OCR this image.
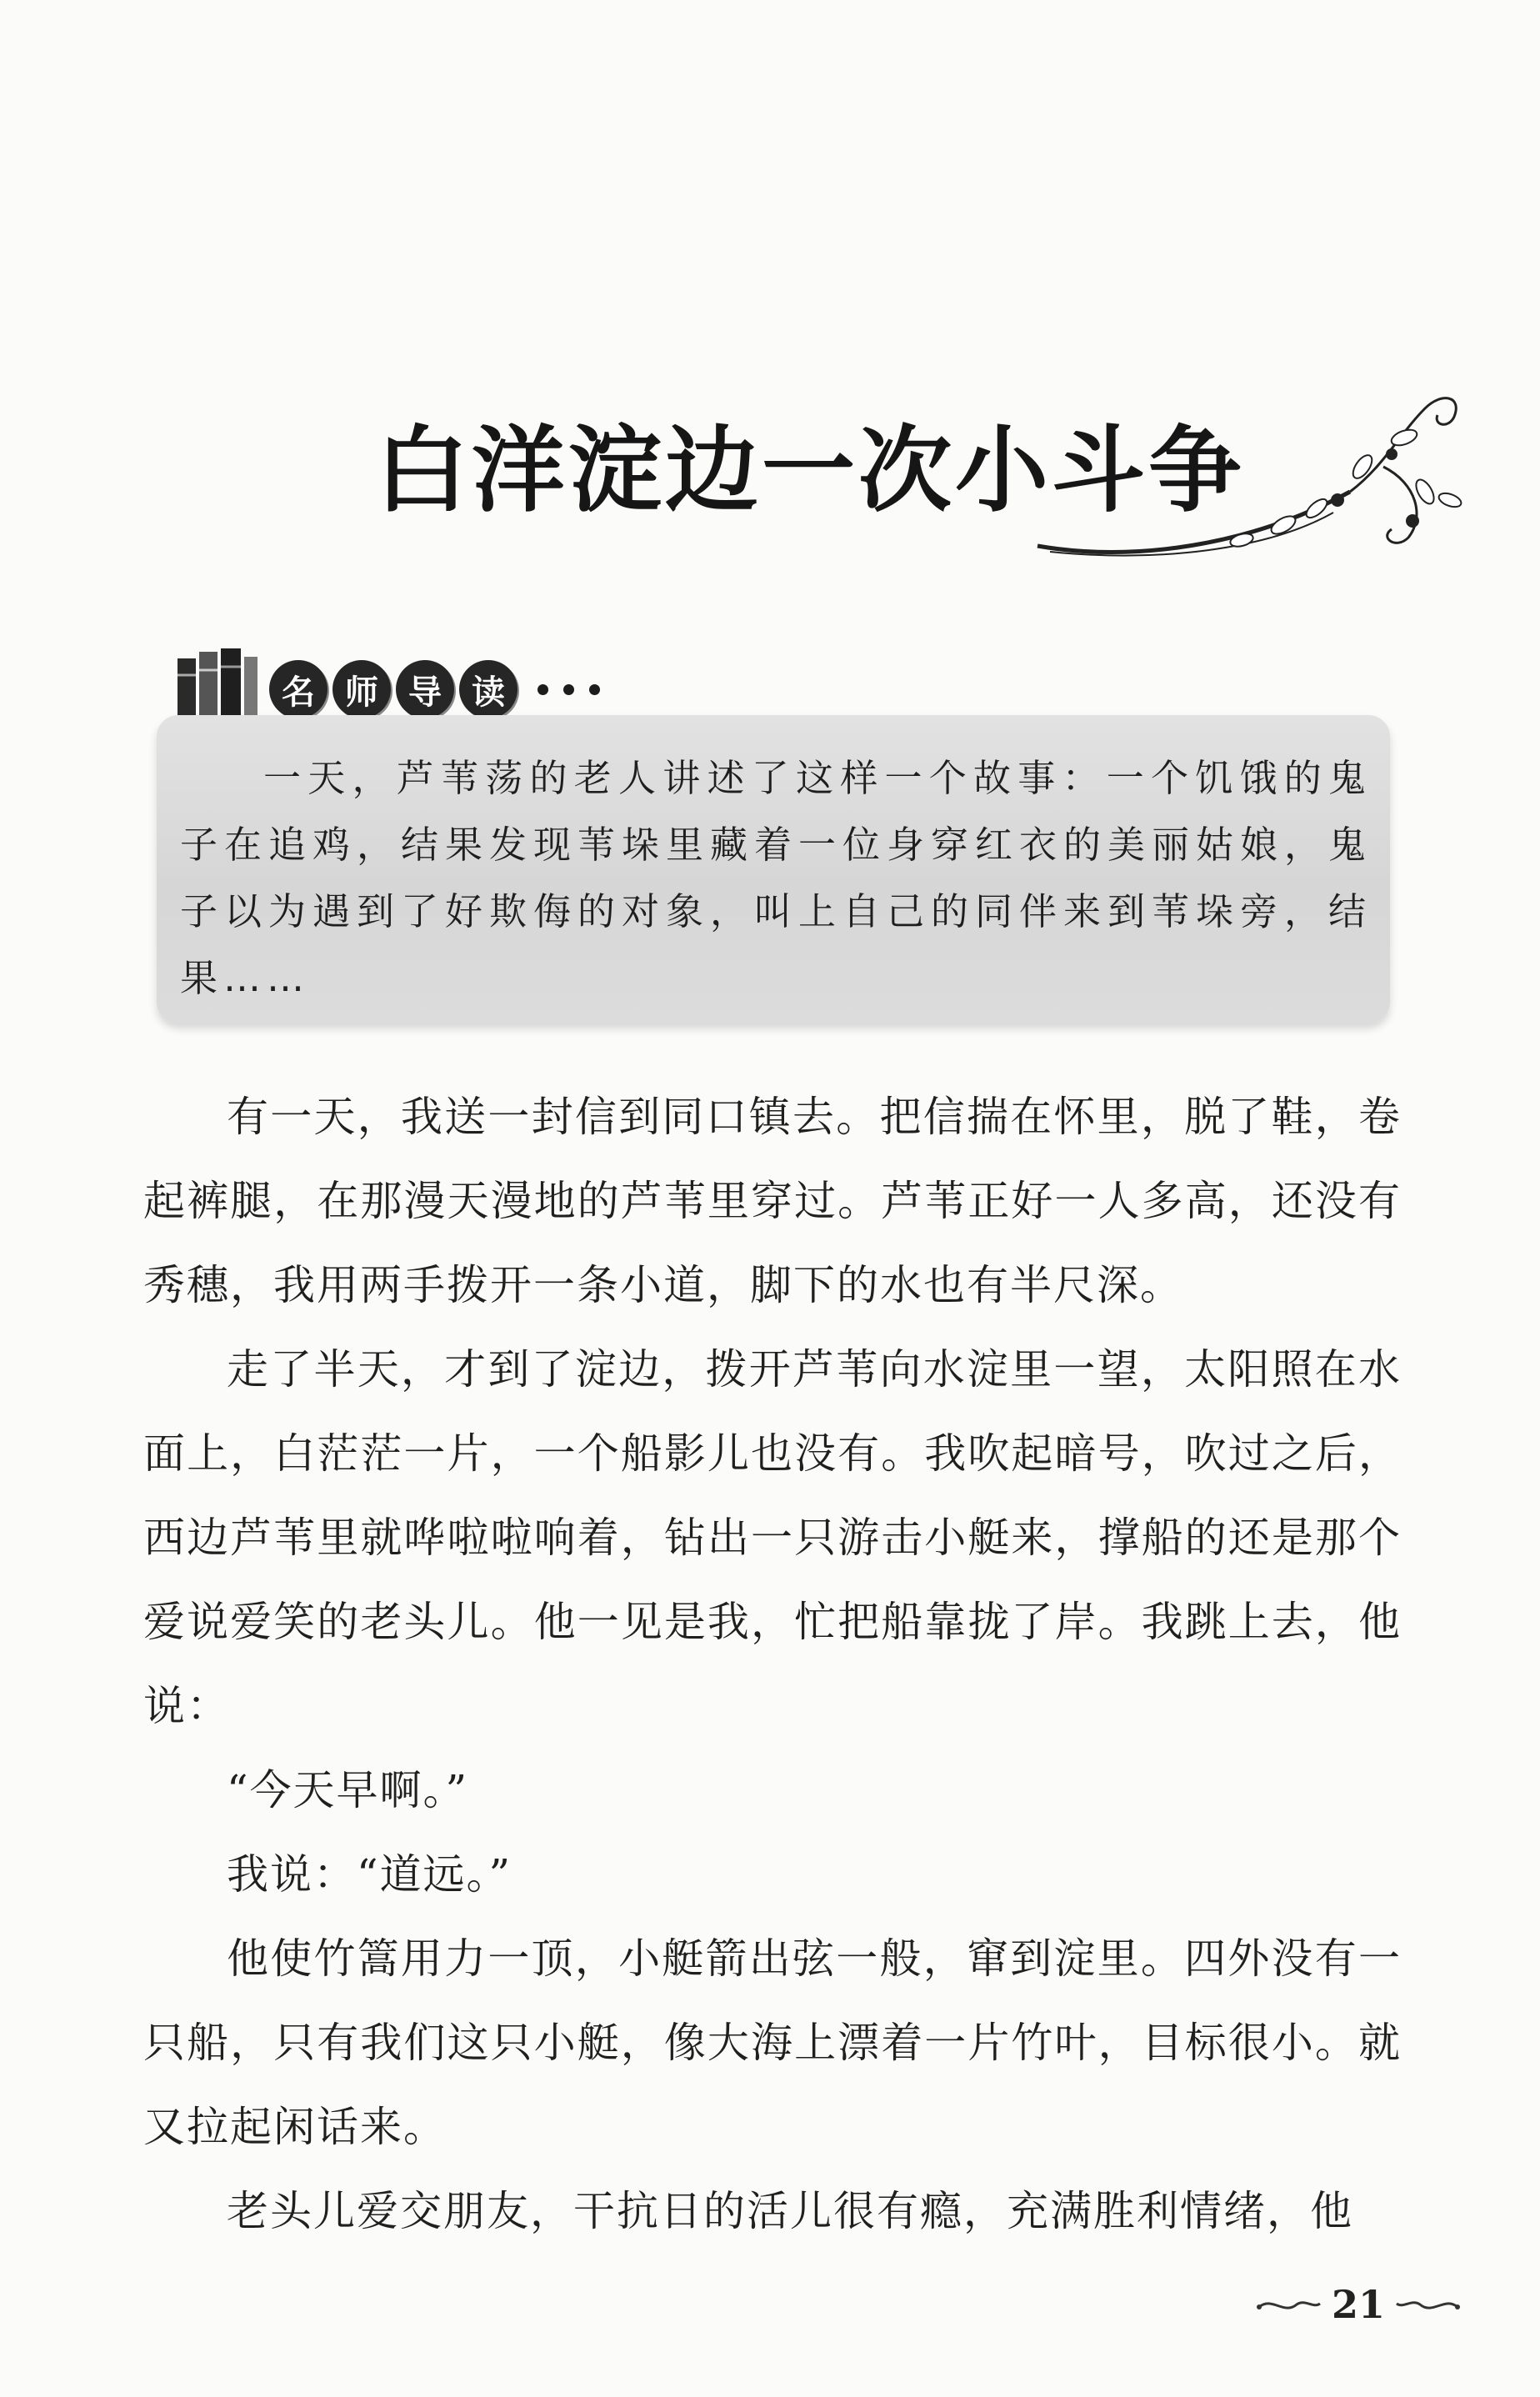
白洋淀边一次小斗争
名 师 导 读
一天，芦苇荡的老人讲述了这样一个故事：一个饥饿的鬼子在追鸡，结果发现苇垛里藏着一位身穿红衣的美丽姑娘，鬼子以为遇到了好欺侮的对象，叫上自己的同伴来到苇垛旁，结果……

有一天，我送一封信到同口镇去。把信揣在怀里，脱了鞋，卷起裤腿，在那漫天漫地的芦苇里穿过。芦苇正好一人多高，还没有秀穗，我用两手拨开一条小道，脚下的水也有半尺深。

走了半天，才到了淀边，拨开芦苇向水淀里一望，太阳照在水面上，白茫茫一片，一个船影儿也没有。我吹起暗号，吹过之后，西边芦苇里就哗啦啦响着，钻出一只游击小艇来，撑船的还是那个爱说爱笑的老头儿。他一见是我，忙把船靠拢了岸。我跳上去，他说：

“今天早啊。”

我说：“道远。”

他使竹篙用力一顶，小艇箭出弦一般，窜到淀里。四外没有一只船，只有我们这只小艇，像大海上漂着一片竹叶，目标很小。就又拉起闲话来。

老头儿爱交朋友，干抗日的活儿很有瘾，充满胜利情绪，他

21
